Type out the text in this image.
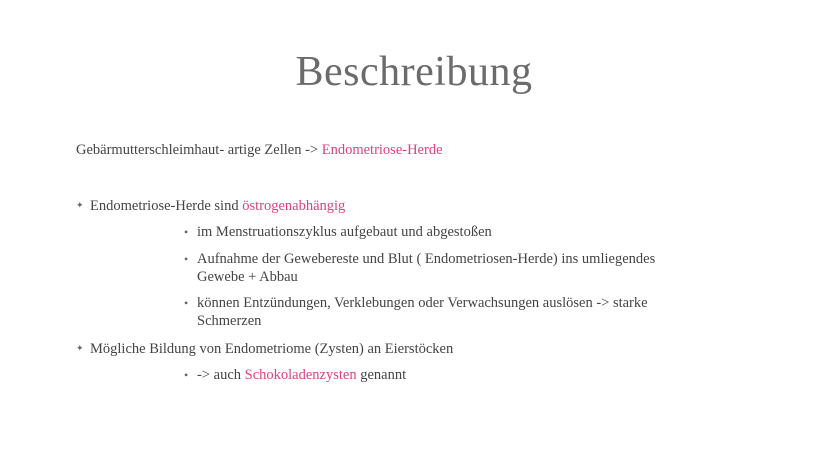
Beschreibung
Gebärmutterschleimhaut- artige Zellen -> Endometriose-Herde
✦ Endometriose-Herde sind östrogenabhängig
• im Menstruationszyklus aufgebaut und abgestoßen
• Aufnahme der Gewebereste und Blut ( Endometriosen-Herde) ins umliegendes Gewebe + Abbau
• können Entzündungen, Verklebungen oder Verwachsungen auslösen -> starke Schmerzen
✦ Mögliche Bildung von Endometriome (Zysten) an Eierstöcken
• -> auch Schokoladenzysten genannt
